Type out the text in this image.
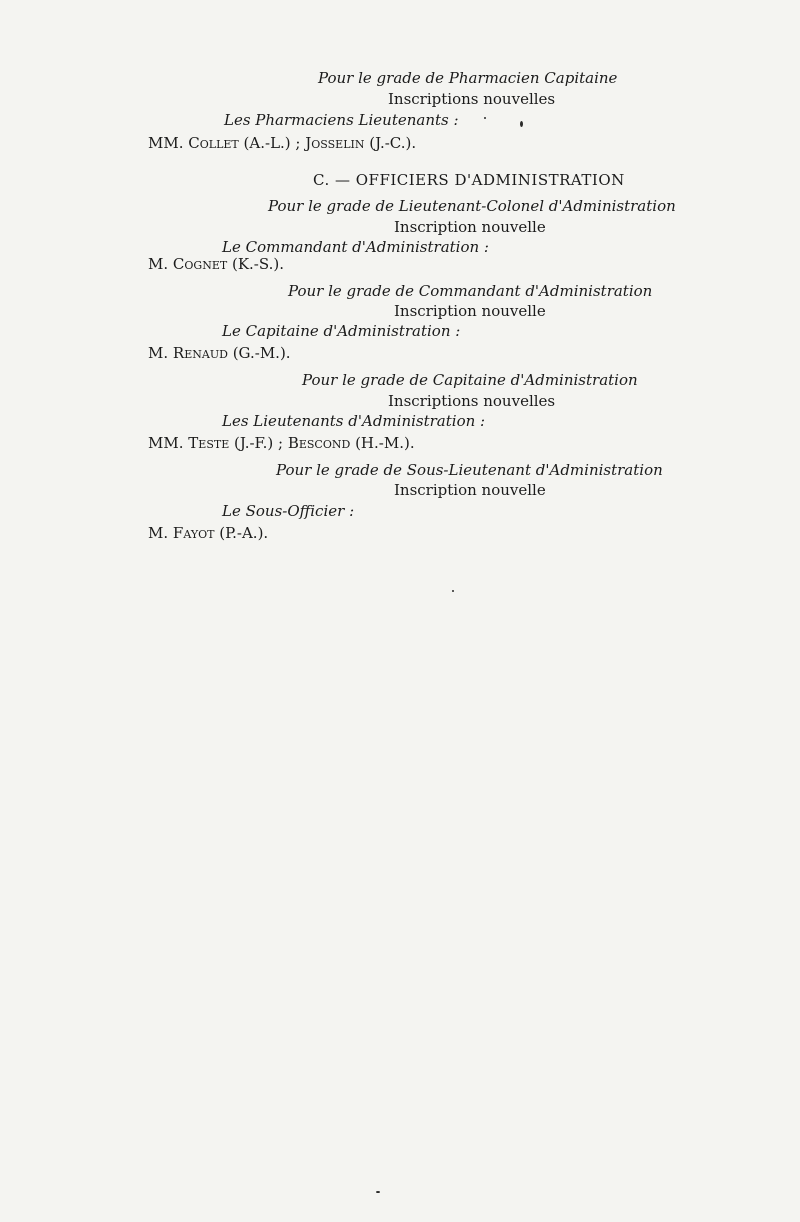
Pour le grade de Pharmacien Capitaine
Inscriptions nouvelles
Les Pharmaciens Lieutenants :
MM. Collet (A.-L.) ; Josselin (J.-C.).
C. — OFFICIERS D'ADMINISTRATION
Pour le grade de Lieutenant-Colonel d'Administration
Inscription nouvelle
Le Commandant d'Administration :
M. Cognet (K.-S.).
Pour le grade de Commandant d'Administration
Inscription nouvelle
Le Capitaine d'Administration :
M. Renaud (G.-M.).
Pour le grade de Capitaine d'Administration
Inscriptions nouvelles
Les Lieutenants d'Administration :
MM. Teste (J.-F.) ; Bescond (H.-M.).
Pour le grade de Sous-Lieutenant d'Administration
Inscription nouvelle
Le Sous-Officier :
M. Fayot (P.-A.).
